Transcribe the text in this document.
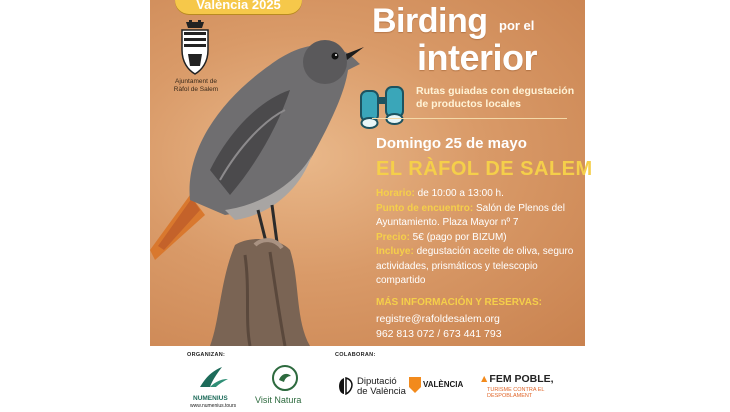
València 2025
Ajuntament de
Ràfol de Salem
Birding por el
interior
Rutas guiadas con degustación de productos locales
Domingo 25 de mayo
EL RÀFOL DE SALEM
Horario: de 10:00 a 13:00 h.
Punto de encuentro: Salón de Plenos del Ayuntamiento. Plaza Mayor nº 7
Precio: 5€ (pago por BIZUM)
Incluye: degustación aceite de oliva, seguro actividades, prismáticos y telescopio compartido
MÁS INFORMACIÓN Y RESERVAS:
registre@rafoldesalem.org
962 813 072 / 673 441 793
ORGANIZAN:	COLABORAN:
NUMENIUS
www.numenius.tours
Visit Natura
Diputació
de València
VALÈNCIA ▲FEM POBLE,
TURISME CONTRA EL
DESPOBLAMENT
